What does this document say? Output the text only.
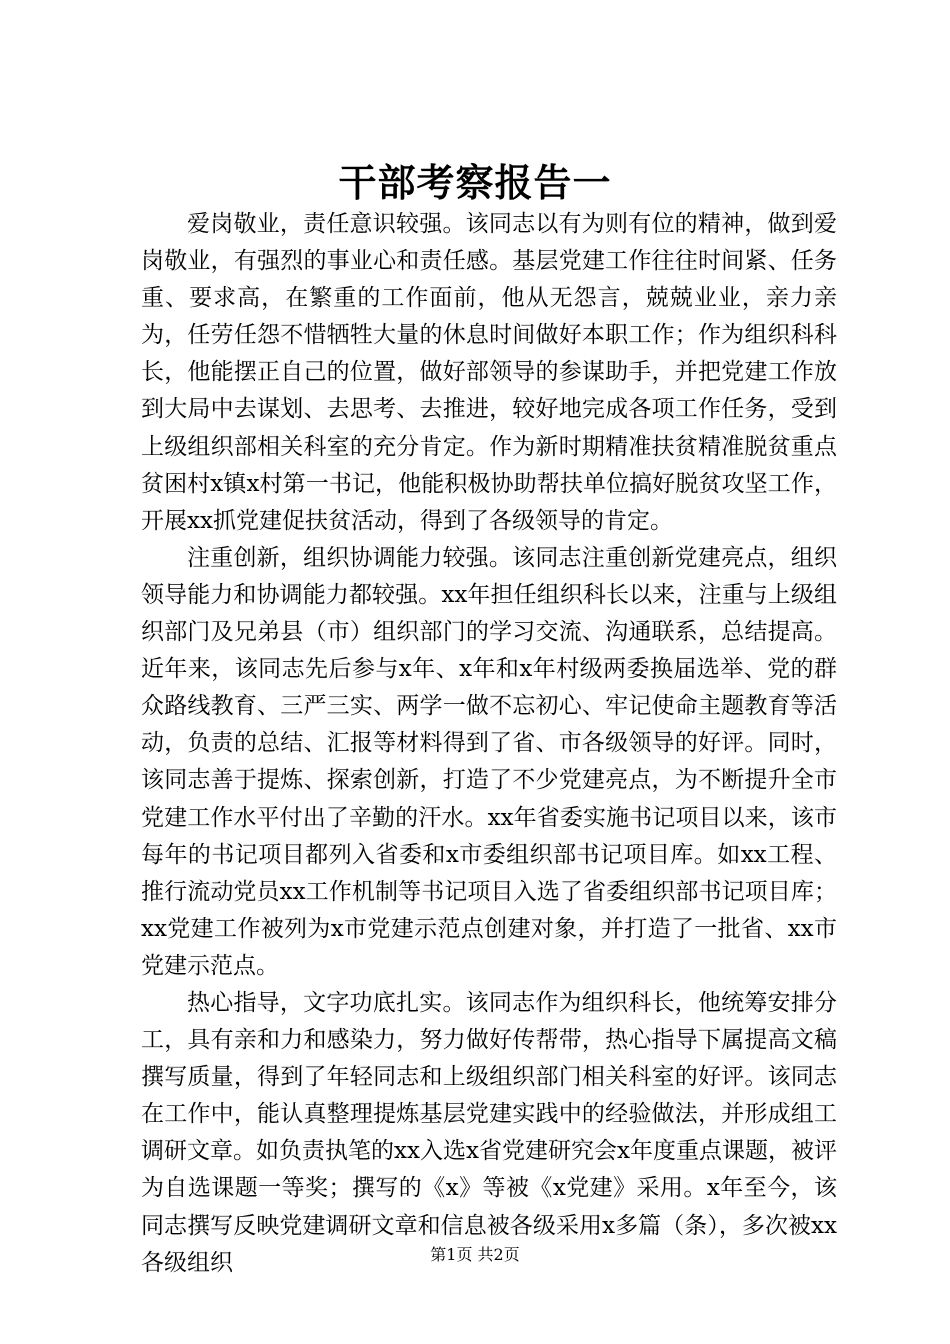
干部考察报告一

爱岗敬业，责任意识较强。该同志以有为则有位的精神，做到爱岗敬业，有强烈的事业心和责任感。基层党建工作往往时间紧、任务重、要求高，在繁重的工作面前，他从无怨言，兢兢业业，亲力亲为，任劳任怨不惜牺牲大量的休息时间做好本职工作；作为组织科科长，他能摆正自己的位置，做好部领导的参谋助手，并把党建工作放到大局中去谋划、去思考、去推进，较好地完成各项工作任务，受到上级组织部相关科室的充分肯定。作为新时期精准扶贫精准脱贫重点贫困村x镇x村第一书记，他能积极协助帮扶单位搞好脱贫攻坚工作，开展xx抓党建促扶贫活动，得到了各级领导的肯定。

注重创新，组织协调能力较强。该同志注重创新党建亮点，组织领导能力和协调能力都较强。xx年担任组织科长以来，注重与上级组织部门及兄弟县（市）组织部门的学习交流、沟通联系，总结提高。近年来，该同志先后参与x年、x年和x年村级两委换届选举、党的群众路线教育、三严三实、两学一做不忘初心、牢记使命主题教育等活动，负责的总结、汇报等材料得到了省、市各级领导的好评。同时，该同志善于提炼、探索创新，打造了不少党建亮点，为不断提升全市党建工作水平付出了辛勤的汗水。xx年省委实施书记项目以来，该市每年的书记项目都列入省委和x市委组织部书记项目库。如xx工程、推行流动党员xx工作机制等书记项目入选了省委组织部书记项目库；xx党建工作被列为x市党建示范点创建对象，并打造了一批省、xx市党建示范点。

热心指导，文字功底扎实。该同志作为组织科长，他统筹安排分工，具有亲和力和感染力，努力做好传帮带，热心指导下属提高文稿撰写质量，得到了年轻同志和上级组织部门相关科室的好评。该同志在工作中，能认真整理提炼基层党建实践中的经验做法，并形成组工调研文章。如负责执笔的xx入选x省党建研究会x年度重点课题，被评为自选课题一等奖；撰写的《x》等被《x党建》采用。x年至今，该同志撰写反映党建调研文章和信息被各级采用x多篇（条），多次被xx各级组织	第1页 共2页
